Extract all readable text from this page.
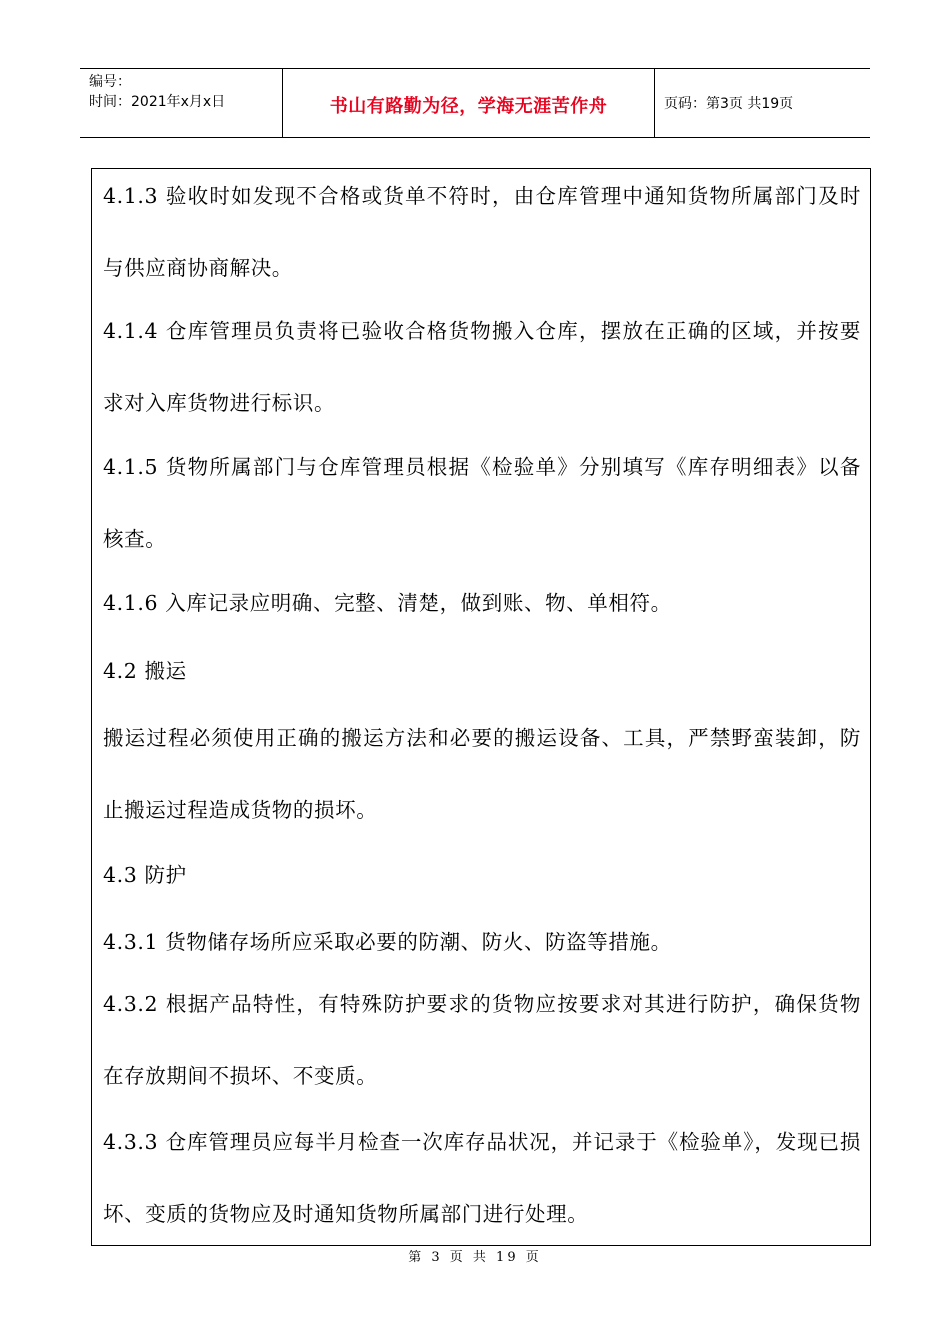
编号：
时间：2021年x月x日	书山有路勤为径，学海无涯苦作舟	页码：第3页 共19页
4.1.3 验收时如发现不合格或货单不符时，由仓库管理中通知货物所属部门及时与供应商协商解决。
4.1.4 仓库管理员负责将已验收合格货物搬入仓库，摆放在正确的区域，并按要求对入库货物进行标识。
4.1.5 货物所属部门与仓库管理员根据《检验单》分别填写《库存明细表》以备核查。
4.1.6 入库记录应明确、完整、清楚，做到账、物、单相符。
4.2 搬运
搬运过程必须使用正确的搬运方法和必要的搬运设备、工具，严禁野蛮装卸，防止搬运过程造成货物的损坏。
4.3 防护
4.3.1 货物储存场所应采取必要的防潮、防火、防盗等措施。
4.3.2 根据产品特性，有特殊防护要求的货物应按要求对其进行防护，确保货物在存放期间不损坏、不变质。
4.3.3 仓库管理员应每半月检查一次库存品状况，并记录于《检验单》，发现已损坏、变质的货物应及时通知货物所属部门进行处理。
第 3 页 共 19 页
